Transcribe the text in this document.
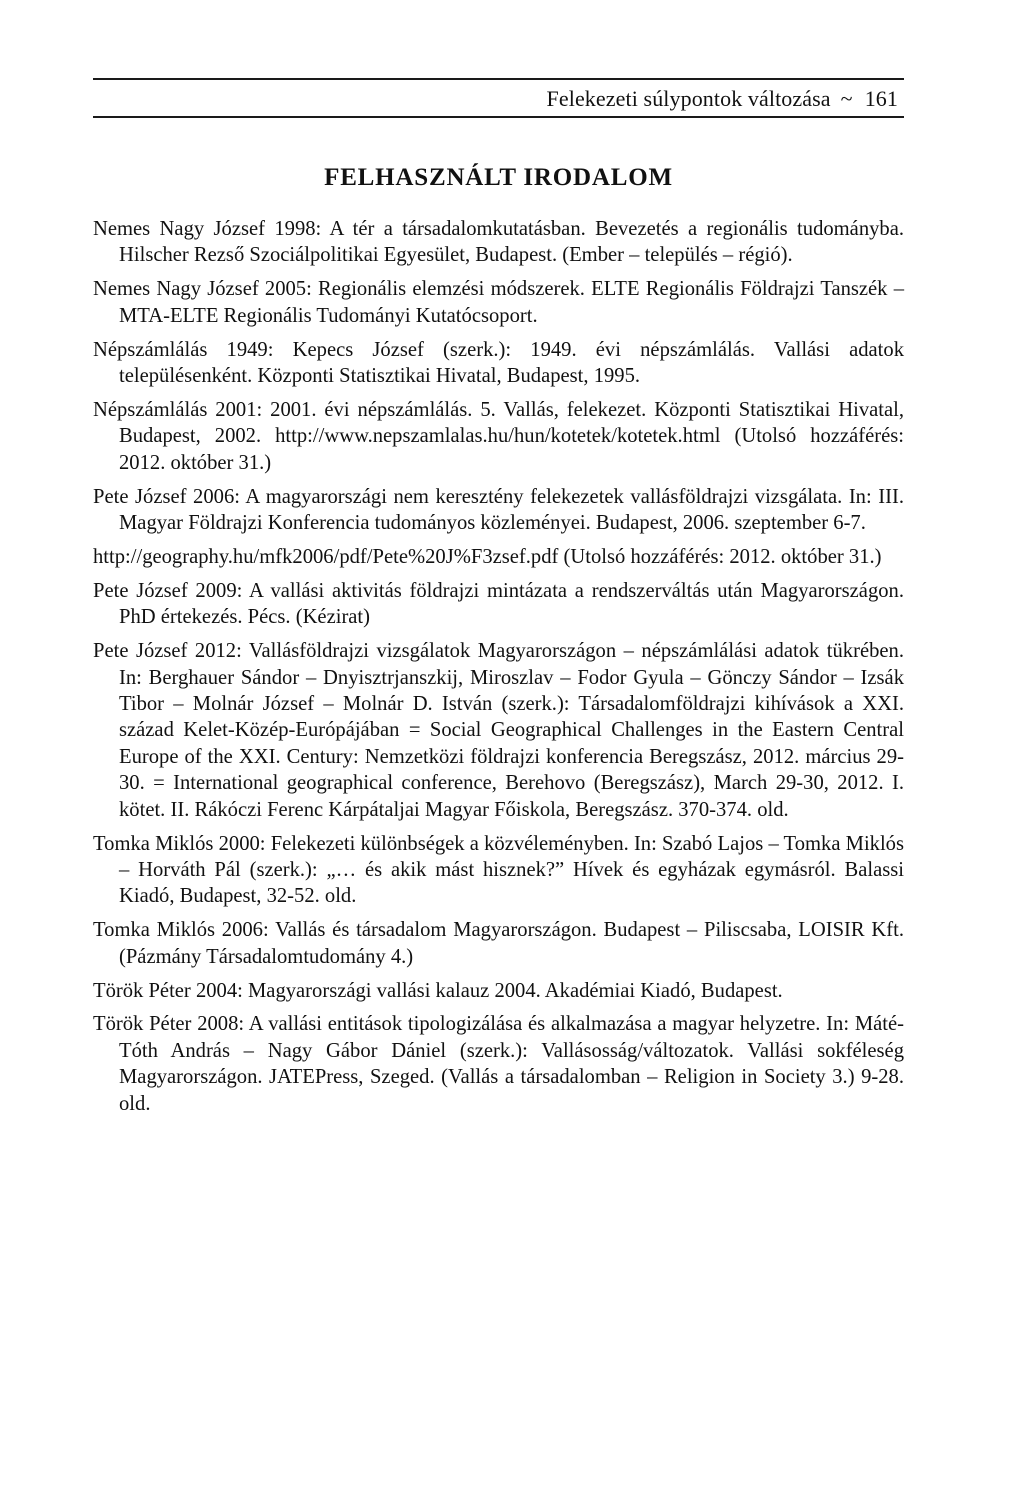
Felekezeti súlypontok változása ~ 161
FELHASZNÁLT IRODALOM
Nemes Nagy József 1998: A tér a társadalomkutatásban. Bevezetés a regionális tudományba. Hilscher Rezső Szociálpolitikai Egyesület, Budapest. (Ember – település – régió).
Nemes Nagy József 2005: Regionális elemzési módszerek. ELTE Regionális Földrajzi Tanszék – MTA-ELTE Regionális Tudományi Kutatócsoport.
Népszámlálás 1949: Kepecs József (szerk.): 1949. évi népszámlálás. Vallási adatok településenként. Központi Statisztikai Hivatal, Budapest, 1995.
Népszámlálás 2001: 2001. évi népszámlálás. 5. Vallás, felekezet. Központi Statisztikai Hivatal, Budapest, 2002. http://www.nepszamlalas.hu/hun/kotetek/kotetek.html (Utolsó hozzáférés: 2012. október 31.)
Pete József 2006: A magyarországi nem keresztény felekezetek vallásföldrajzi vizsgálata. In: III. Magyar Földrajzi Konferencia tudományos közleményei. Budapest, 2006. szeptember 6-7.
http://geography.hu/mfk2006/pdf/Pete%20J%F3zsef.pdf (Utolsó hozzáférés: 2012. október 31.)
Pete József 2009: A vallási aktivitás földrajzi mintázata a rendszerváltás után Magyarországon. PhD értekezés. Pécs. (Kézirat)
Pete József 2012: Vallásföldrajzi vizsgálatok Magyarországon – népszámlálási adatok tükrében. In: Berghauer Sándor – Dnyisztrjanszkij, Miroszlav – Fodor Gyula – Gönczy Sándor – Izsák Tibor – Molnár József – Molnár D. István (szerk.): Társadalomföldrajzi kihívások a XXI. század Kelet-Közép-Európájában = Social Geographical Challenges in the Eastern Central Europe of the XXI. Century: Nemzetközi földrajzi konferencia Beregszász, 2012. március 29-30. = International geographical conference, Berehovo (Beregszász), March 29-30, 2012. I. kötet. II. Rákóczi Ferenc Kárpátaljai Magyar Főiskola, Beregszász. 370-374. old.
Tomka Miklós 2000: Felekezeti különbségek a közvéleményben. In: Szabó Lajos – Tomka Miklós – Horváth Pál (szerk.): „… és akik mást hisznek?” Hívek és egyházak egymásról. Balassi Kiadó, Budapest, 32-52. old.
Tomka Miklós 2006: Vallás és társadalom Magyarországon. Budapest – Piliscsaba, LOISIR Kft. (Pázmány Társadalomtudomány 4.)
Török Péter 2004: Magyarországi vallási kalauz 2004. Akadémiai Kiadó, Budapest.
Török Péter 2008: A vallási entitások tipologizálása és alkalmazása a magyar helyzetre. In: Máté-Tóth András – Nagy Gábor Dániel (szerk.): Vallásosság/változatok. Vallási sokféleség Magyarországon. JATEPress, Szeged. (Vallás a társadalomban – Religion in Society 3.) 9-28. old.
